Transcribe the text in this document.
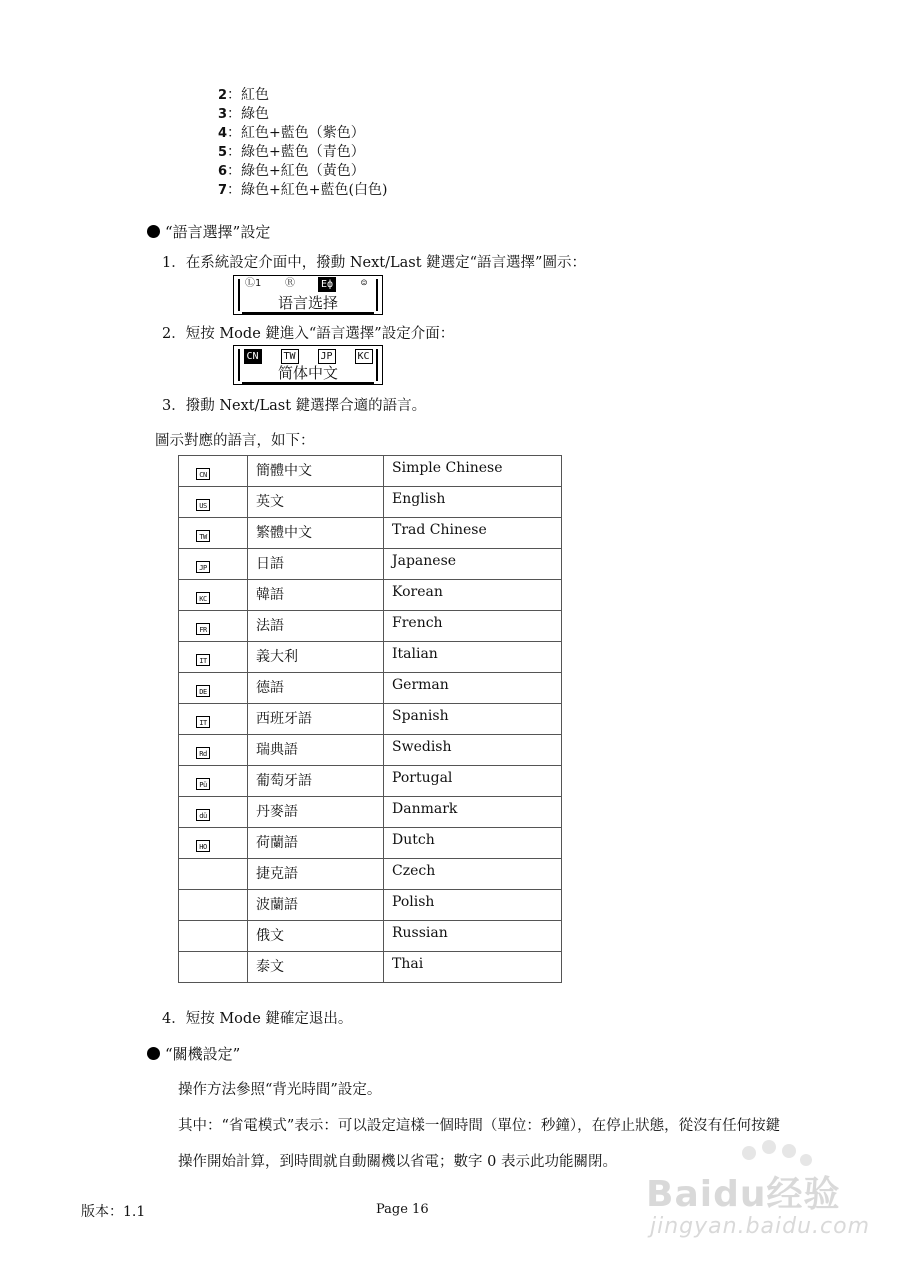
2：紅色
3：綠色
4：紅色+藍色（紫色）
5：綠色+藍色（青色）
6：綠色+紅色（黃色）
7：綠色+紅色+藍色(白色)
“語言選擇”設定
1．在系統設定介面中，撥動 Next/Last 鍵選定“語言選擇”圖示：
Ⓛ1	Ⓡ	Eф	☺
语言选择
2．短按 Mode 鍵進入“語言選擇”設定介面：
CN TW JP KC
简体中文
3．撥動 Next/Last 鍵選擇合適的語言。
圖示對應的語言，如下：
CN	簡體中文	Simple Chinese
US	英文	English
TW	繁體中文	Trad Chinese
JP	日語	Japanese
KC	韓語	Korean
FR	法語	French
IT	義大利	Italian
DE	德語	German
IT	西班牙語	Spanish
Rd	瑞典語	Swedish
Pü	葡萄牙語	Portugal
dü	丹麥語	Danmark
HO	荷蘭語	Dutch
	捷克語	Czech
	波蘭語	Polish
	俄文	Russian
	泰文	Thai
4．短按 Mode 鍵確定退出。
“關機設定”
操作方法參照“背光時間”設定。
其中：“省電模式”表示：可以設定這樣一個時間（單位：秒鐘），在停止狀態，從沒有任何按鍵
操作開始計算，到時間就自動關機以省電；數字 0 表示此功能關閉。
版本：1.1	Page 16	Baidu经验
jingyan.baidu.com
